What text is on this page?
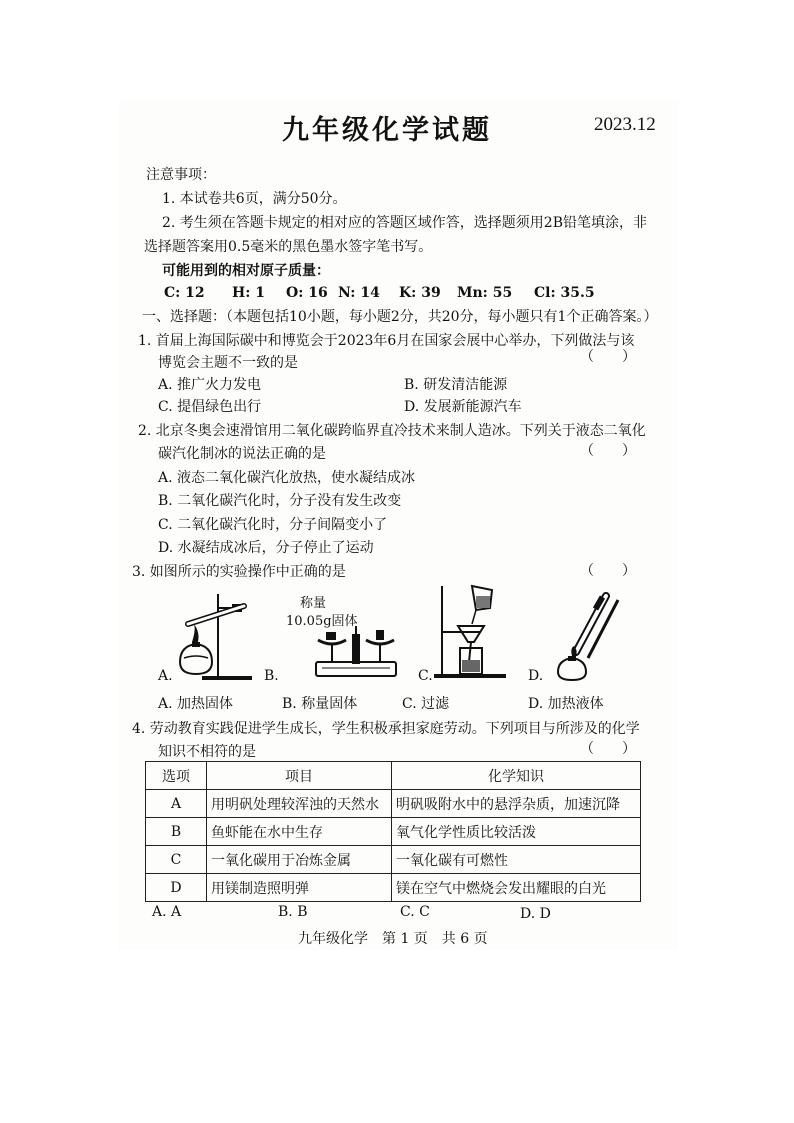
九年级化学试题	2023.12
注意事项：
1. 本试卷共6页，满分50分。
2. 考生须在答题卡规定的相对应的答题区域作答，选择题须用2B铅笔填涂，非
选择题答案用0.5毫米的黑色墨水签字笔书写。
可能用到的相对原子质量：
C: 12 H: 1 O: 16 N: 14 K: 39 Mn: 55 Cl: 35.5
一、选择题：（本题包括10小题，每小题2分，共20分，每小题只有1个正确答案。）
1. 首届上海国际碳中和博览会于2023年6月在国家会展中心举办，下列做法与该
博览会主题不一致的是	（　　）
A. 推广火力发电	B. 研发清洁能源
C. 提倡绿色出行	D. 发展新能源汽车
2. 北京冬奥会速滑馆用二氧化碳跨临界直冷技术来制人造冰。下列关于液态二氧化
碳汽化制冰的说法正确的是	（　　）
A. 液态二氧化碳汽化放热，使水凝结成冰
B. 二氧化碳汽化时，分子没有发生改变
C. 二氧化碳汽化时，分子间隔变小了
D. 水凝结成冰后，分子停止了运动
3. 如图所示的实验操作中正确的是	（　　）
A.
称量
10.05g固体
B.	C.	D.
A. 加热固体	B. 称量固体	C. 过滤	D. 加热液体
4. 劳动教育实践促进学生成长，学生积极承担家庭劳动。下列项目与所涉及的化学
知识不相符的是	（　　）
选项	项目	化学知识
A	用明矾处理较浑浊的天然水	明矾吸附水中的悬浮杂质，加速沉降
B	鱼虾能在水中生存	氧气化学性质比较活泼
C	一氧化碳用于冶炼金属	一氧化碳有可燃性
D	用镁制造照明弹	镁在空气中燃烧会发出耀眼的白光
A. A	B. B	C. C	D. D
九年级化学　第 1 页　共 6 页
